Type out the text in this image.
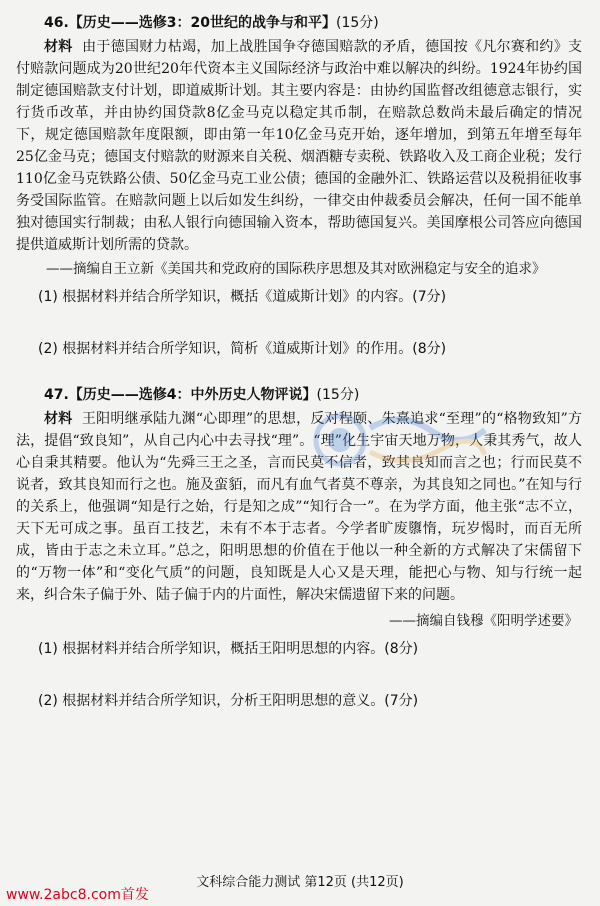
46.【历史——选修3：20世纪的战争与和平】(15分)

材料 由于德国财力枯竭，加上战胜国争夺德国赔款的矛盾，德国按《凡尔赛和约》支付赔款问题成为20世纪20年代资本主义国际经济与政治中难以解决的纠纷。1924年协约国制定德国赔款支付计划，即道威斯计划。其主要内容是：由协约国监督改组德意志银行，实行货币改革，并由协约国贷款8亿金马克以稳定其币制，在赔款总数尚未最后确定的情况下，规定德国赔款年度限额，即由第一年10亿金马克开始，逐年增加，到第五年增至每年25亿金马克；德国支付赔款的财源来自关税、烟酒糖专卖税、铁路收入及工商企业税；发行110亿金马克铁路公债、50亿金马克工业公债；德国的金融外汇、铁路运营以及税捐征收事务受国际监管。在赔款问题上以后如发生纠纷，一律交由仲裁委员会解决，任何一国不能单独对德国实行制裁；由私人银行向德国输入资本，帮助德国复兴。美国摩根公司答应向德国提供道威斯计划所需的贷款。

——摘编自王立新《美国共和党政府的国际秩序思想及其对欧洲稳定与安全的追求》
(1) 根据材料并结合所学知识，概括《道威斯计划》的内容。(7分)
(2) 根据材料并结合所学知识，简析《道威斯计划》的作用。(8分)
47.【历史——选修4：中外历史人物评说】(15分)

材料 王阳明继承陆九渊“心即理”的思想，反对程颐、朱熹追求“至理”的“格物致知”方法，提倡“致良知”，从自己内心中去寻找“理”。“理”化生宇宙天地万物，人秉其秀气，故人心自秉其精要。他认为“先舜三王之圣，言而民莫不信者，致其良知而言之也；行而民莫不说者，致其良知而行之也。施及蛮貊，而凡有血气者莫不尊亲，为其良知之同也。”在知与行的关系上，他强调“知是行之始，行是知之成”“知行合一”。在为学方面，他主张“志不立，天下无可成之事。虽百工技艺，未有不本于志者。今学者旷废隳惰，玩岁愒时，而百无所成，皆由于志之未立耳。”总之，阳明思想的价值在于他以一种全新的方式解决了宋儒留下的“万物一体”和“变化气质”的问题，良知既是人心又是天理，能把心与物、知与行统一起来，纠合朱子偏于外、陆子偏于内的片面性，解决宋儒遗留下来的问题。

——摘编自钱穆《阳明学述要》
(1) 根据材料并结合所学知识，概括王阳明思想的内容。(8分)
(2) 根据材料并结合所学知识，分析王阳明思想的意义。(7分)
文科综合能力测试 第12页 (共12页)
www.2abc8.com首发
